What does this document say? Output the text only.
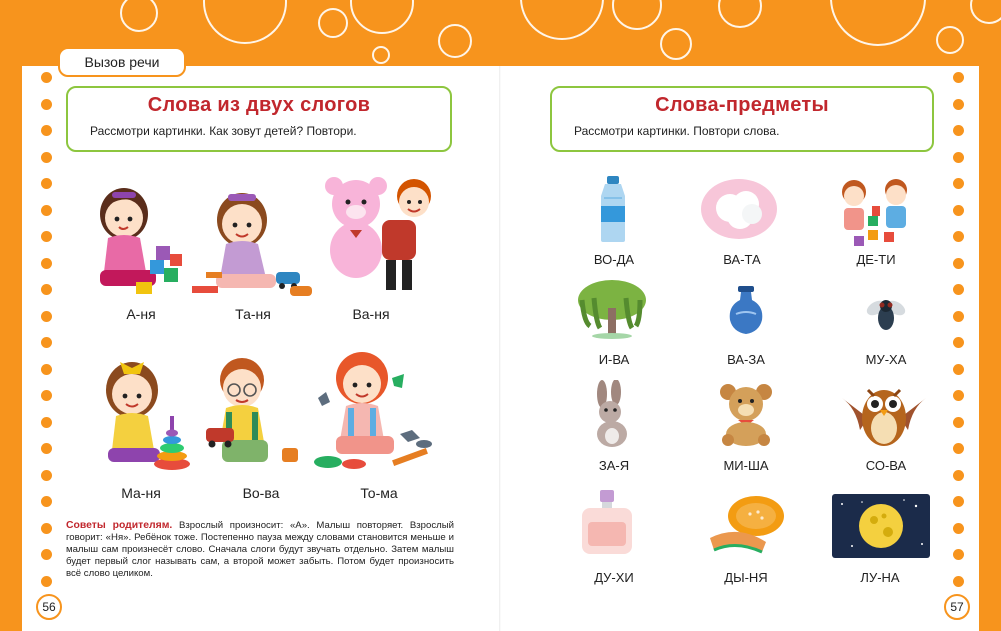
Вызов речи
Слова из двух слогов

Рассмотри картинки. Как зовут детей? Повтори.

А-ня	Та-ня	Ва-ня
Ма-ня	Во-ва	То-ма
Советы родителям. Взрослый произносит: «А». Малыш повторяет. Взрослый говорит: «Ня». Ребёнок тоже. Постепенно пауза между словами становится меньше и малыш сам произнесёт слово. Сначала слоги будут звучать отдельно. Затем малыш будет первый слог называть сам, а второй может забыть. Потом будет произносить всё слово целиком.
56
Слова-предметы

Рассмотри картинки. Повтори слова.

ВО-ДА	ВА-ТА	ДЕ-ТИ
И-ВА	ВА-ЗА	МУ-ХА
ЗА-Я	МИ-ША	СО-ВА
ДУ-ХИ	ДЫ-НЯ	ЛУ-НА
57
